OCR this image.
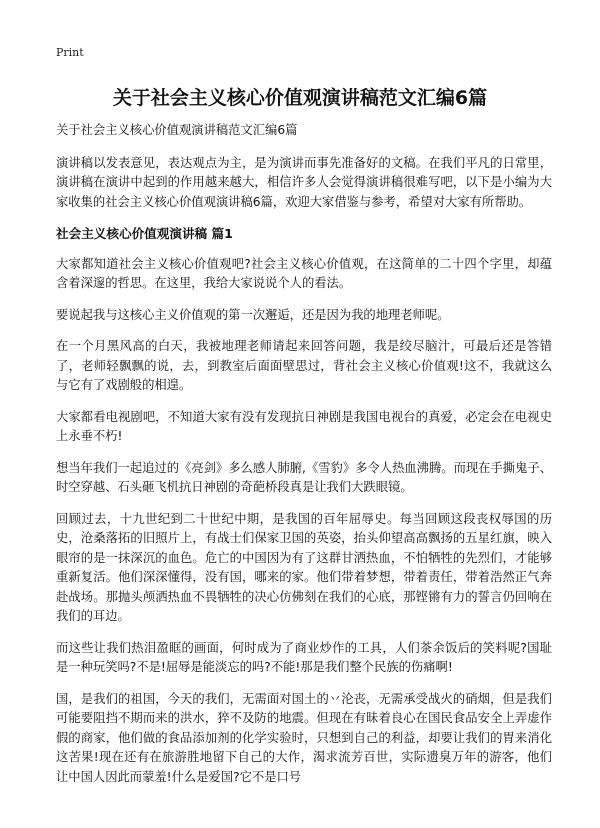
Print
关于社会主义核心价值观演讲稿范文汇编6篇

关于社会主义核心价值观演讲稿范文汇编6篇

演讲稿以发表意见，表达观点为主，是为演讲而事先准备好的文稿。在我们平凡的日常里，演讲稿在演讲中起到的作用越来越大，相信许多人会觉得演讲稿很难写吧，以下是小编为大家收集的社会主义核心价值观演讲稿6篇，欢迎大家借鉴与参考，希望对大家有所帮助。

社会主义核心价值观演讲稿 篇1

大家都知道社会主义核心价值观吧?社会主义核心价值观，在这简单的二十四个字里，却蕴含着深邃的哲思。在这里，我给大家说说个人的看法。

要说起我与这核心主义价值观的第一次邂逅，还是因为我的地理老师呢。

在一个月黑风高的白天，我被地理老师请起来回答问题，我是绞尽脑汁，可最后还是答错了，老师轻飘飘的说，去，到教室后面面壁思过，背社会主义核心价值观!这不，我就这么与它有了戏剧般的相遑。

大家都看电视剧吧，不知道大家有没有发现抗日神剧是我国电视台的真爱，必定会在电视史上永垂不朽!

想当年我们一起追过的《亮剑》多么感人肺腑,《雪豹》多令人热血沸腾。而现在手撕鬼子、时空穿越、石头砸飞机抗日神剧的奇葩桥段真是让我们大跌眼镜。

回顾过去，十九世纪到二十世纪中期，是我国的百年屈辱史。每当回顾这段丧权辱国的历史，沧桑落拓的旧照片上，有战士们保家卫国的英姿，抬头仰望高高飘扬的五星红旗，映入眼帘的是一抹深沉的血色。危亡的中国因为有了这群甘洒热血，不怕牺牲的先烈们，才能够重新复活。他们深深懂得，没有国，哪来的家。他们带着梦想，带着责任，带着浩然正气奔赴战场。那抛头颅洒热血不畏牺牲的决心仿佛刻在我们的心底，那铿锵有力的誓言仍回响在我们的耳边。

而这些让我们热泪盈眶的画面，何时成为了商业炒作的工具，人们茶余饭后的笑料呢?国耻是一种玩笑吗?不是!屈辱是能淡忘的吗?不能!那是我们整个民族的伤痛啊!

国，是我们的祖国，今天的我们，无需面对国土的丷沦丧，无需承受战火的硝烟，但是我们可能要阻挡不期而来的洪水，猝不及防的地震。但现在有昧着良心在国民食品安全上弄虚作假的商家，他们做的食品添加剂的化学实验时，只想到自己的利益，却要让我们的胃来消化这苦果!现在还有在旅游胜地留下自己的大作，渴求流芳百世，实际遗臭万年的游客，他们让中国人因此而蒙羞!什么是爱国?它不是口号
